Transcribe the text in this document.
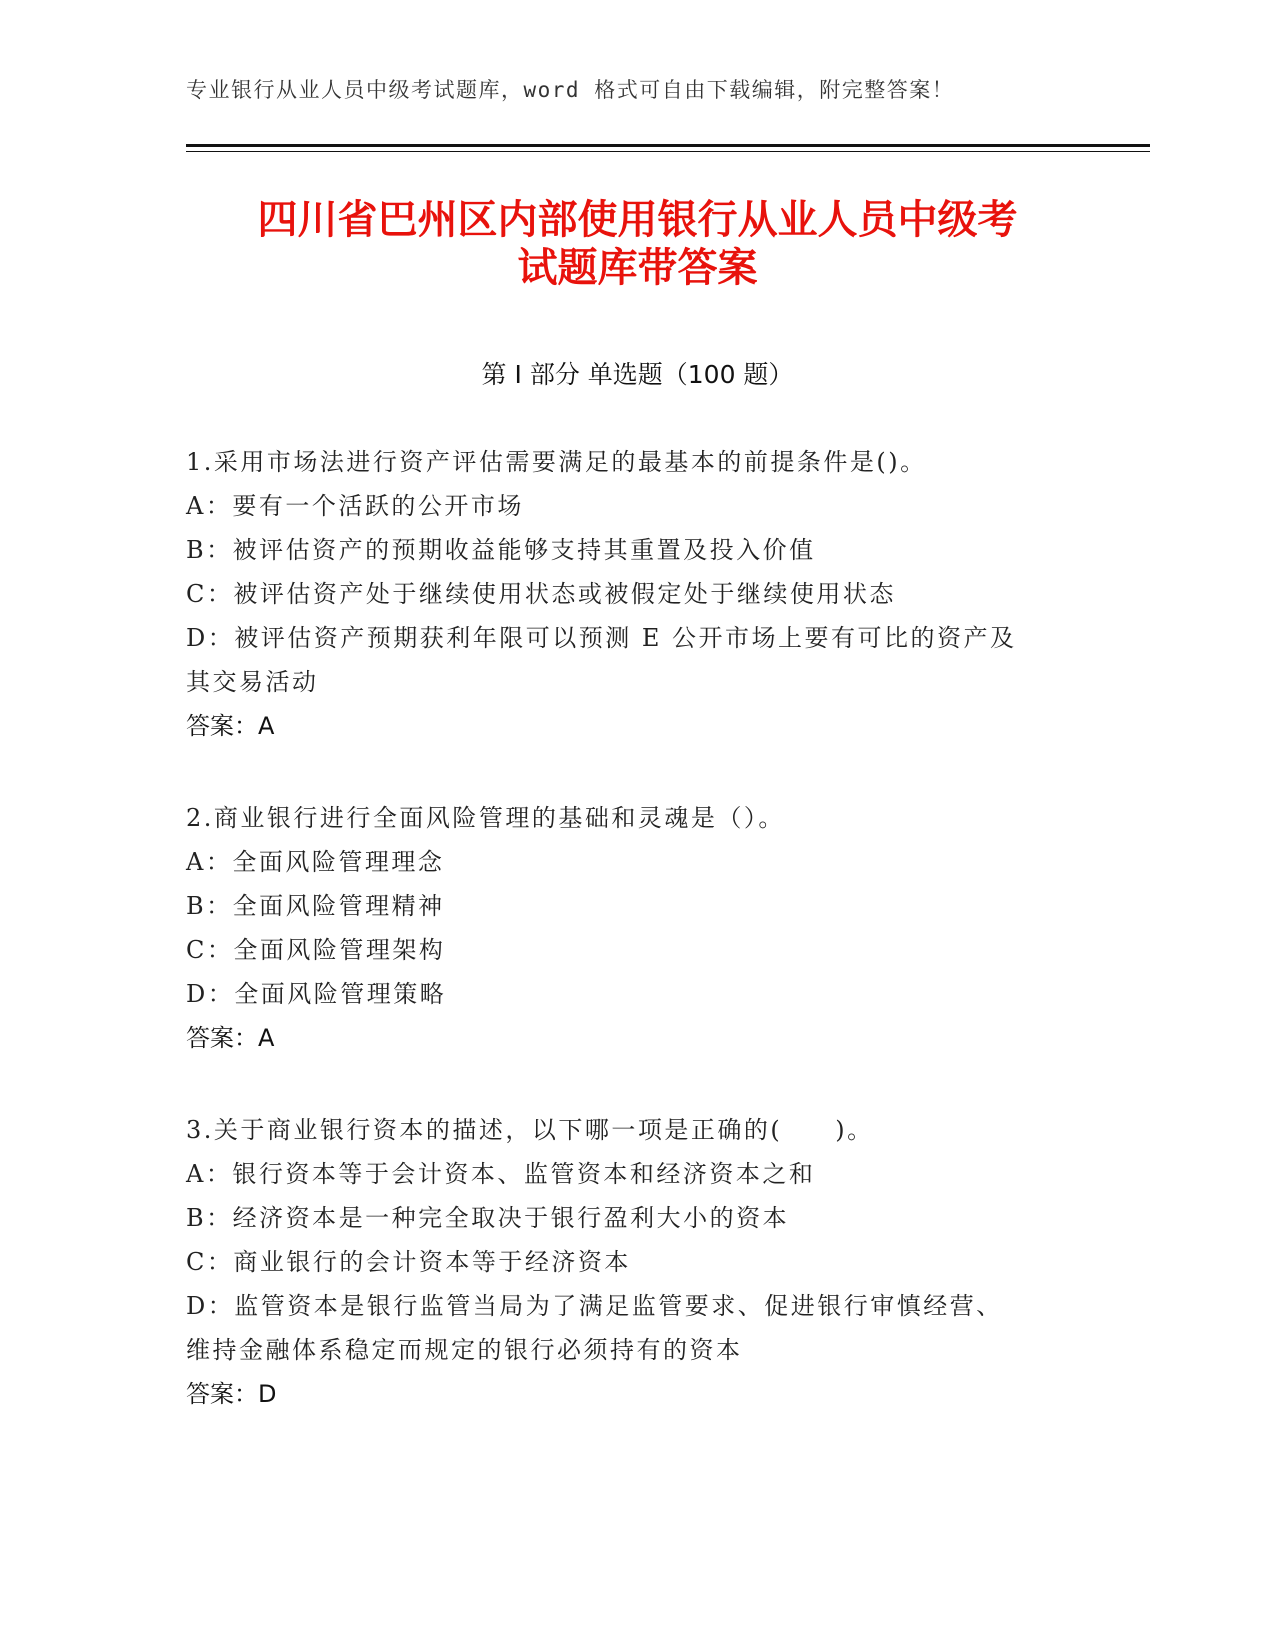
专业银行从业人员中级考试题库，word 格式可自由下载编辑，附完整答案！
四川省巴州区内部使用银行从业人员中级考
试题库带答案
第 I 部分 单选题（100 题）
1.采用市场法进行资产评估需要满足的最基本的前提条件是()。
A：要有一个活跃的公开市场
B：被评估资产的预期收益能够支持其重置及投入价值
C：被评估资产处于继续使用状态或被假定处于继续使用状态
D：被评估资产预期获利年限可以预测 E 公开市场上要有可比的资产及
其交易活动
答案：A
2.商业银行进行全面风险管理的基础和灵魂是（）。
A：全面风险管理理念
B：全面风险管理精神
C：全面风险管理架构
D：全面风险管理策略
答案：A
3.关于商业银行资本的描述，以下哪一项是正确的(　　)。
A：银行资本等于会计资本、监管资本和经济资本之和
B：经济资本是一种完全取决于银行盈利大小的资本
C：商业银行的会计资本等于经济资本
D：监管资本是银行监管当局为了满足监管要求、促进银行审慎经营、
维持金融体系稳定而规定的银行必须持有的资本
答案：D
